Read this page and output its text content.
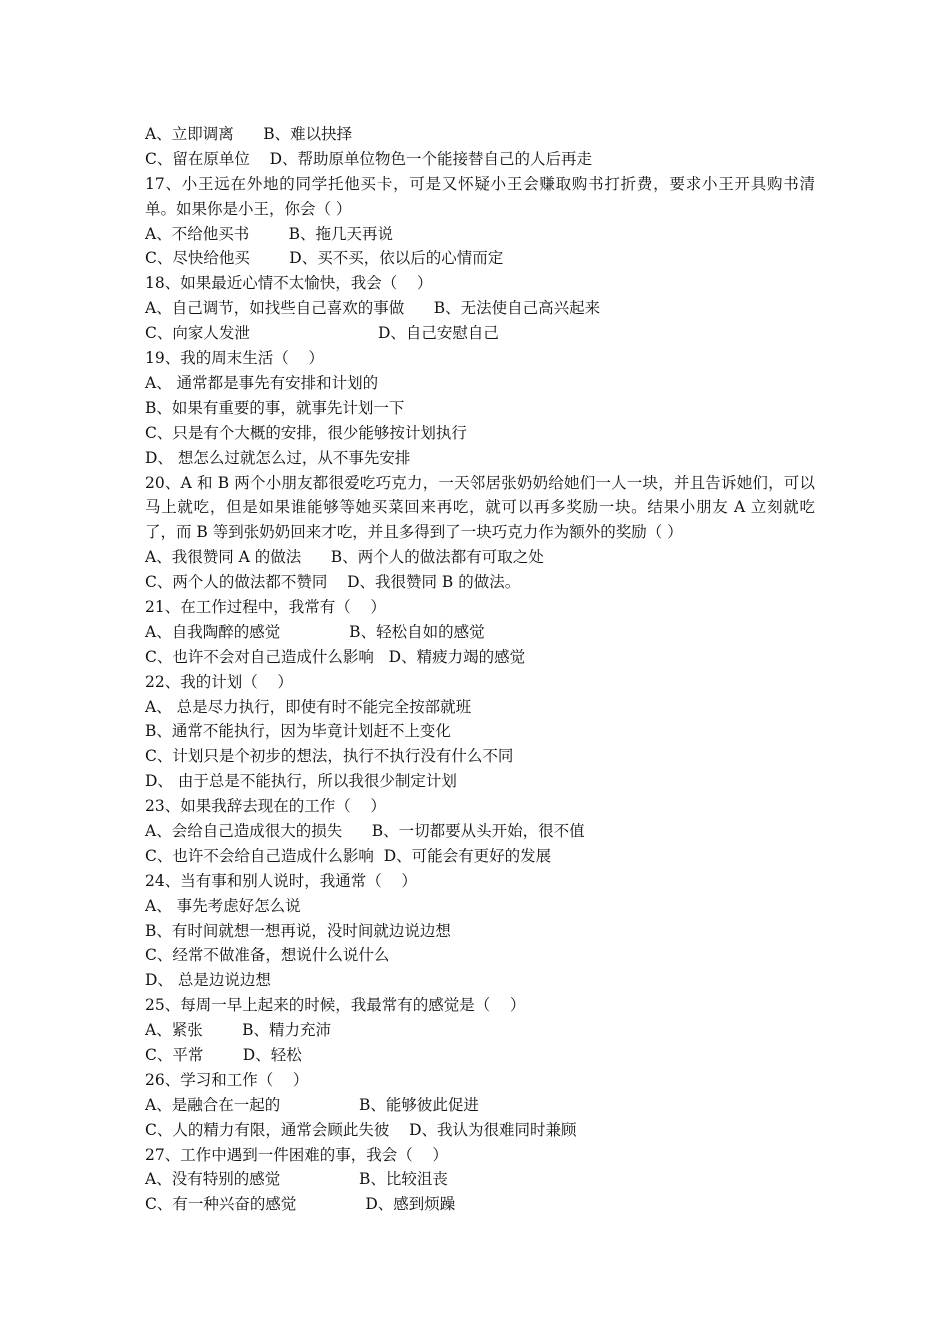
A、立即调离      B、难以抉择
C、留在原单位    D、帮助原单位物色一个能接替自己的人后再走
17、小王远在外地的同学托他买卡，可是又怀疑小王会赚取购书打折费，要求小王开具购书清单。如果你是小王，你会（ ）
A、不给他买书        B、拖几天再说
C、尽快给他买        D、买不买，依以后的心情而定
18、如果最近心情不太愉快，我会（    ）
A、自己调节，如找些自己喜欢的事做      B、无法使自己高兴起来
C、向家人发泄                          D、自己安慰自己
19、我的周末生活（    ）
A、 通常都是事先有安排和计划的
B、如果有重要的事，就事先计划一下
C、只是有个大概的安排，很少能够按计划执行
D、 想怎么过就怎么过，从不事先安排
20、A 和 B 两个小朋友都很爱吃巧克力，一天邻居张奶奶给她们一人一块，并且告诉她们，可以马上就吃，但是如果谁能够等她买菜回来再吃，就可以再多奖励一块。结果小朋友 A 立刻就吃了，而 B 等到张奶奶回来才吃，并且多得到了一块巧克力作为额外的奖励（ ）
A、我很赞同 A 的做法      B、两个人的做法都有可取之处
C、两个人的做法都不赞同    D、我很赞同 B 的做法。
21、在工作过程中，我常有（    ）
A、自我陶醉的感觉              B、轻松自如的感觉
C、也许不会对自己造成什么影响   D、精疲力竭的感觉
22、我的计划（    ）
A、 总是尽力执行，即使有时不能完全按部就班
B、通常不能执行，因为毕竟计划赶不上变化
C、计划只是个初步的想法，执行不执行没有什么不同
D、 由于总是不能执行，所以我很少制定计划
23、如果我辞去现在的工作（    ）
A、会给自己造成很大的损失      B、一切都要从头开始，很不值
C、也许不会给自己造成什么影响  D、可能会有更好的发展
24、当有事和别人说时，我通常（    ）
A、 事先考虑好怎么说
B、有时间就想一想再说，没时间就边说边想
C、经常不做准备，想说什么说什么
D、 总是边说边想
25、每周一早上起来的时候，我最常有的感觉是（    ）
A、紧张        B、精力充沛
C、平常        D、轻松
26、学习和工作（    ）
A、是融合在一起的                B、能够彼此促进
C、人的精力有限，通常会顾此失彼    D、我认为很难同时兼顾
27、工作中遇到一件困难的事，我会（    ）
A、没有特别的感觉                B、比较沮丧
C、有一种兴奋的感觉              D、感到烦躁
